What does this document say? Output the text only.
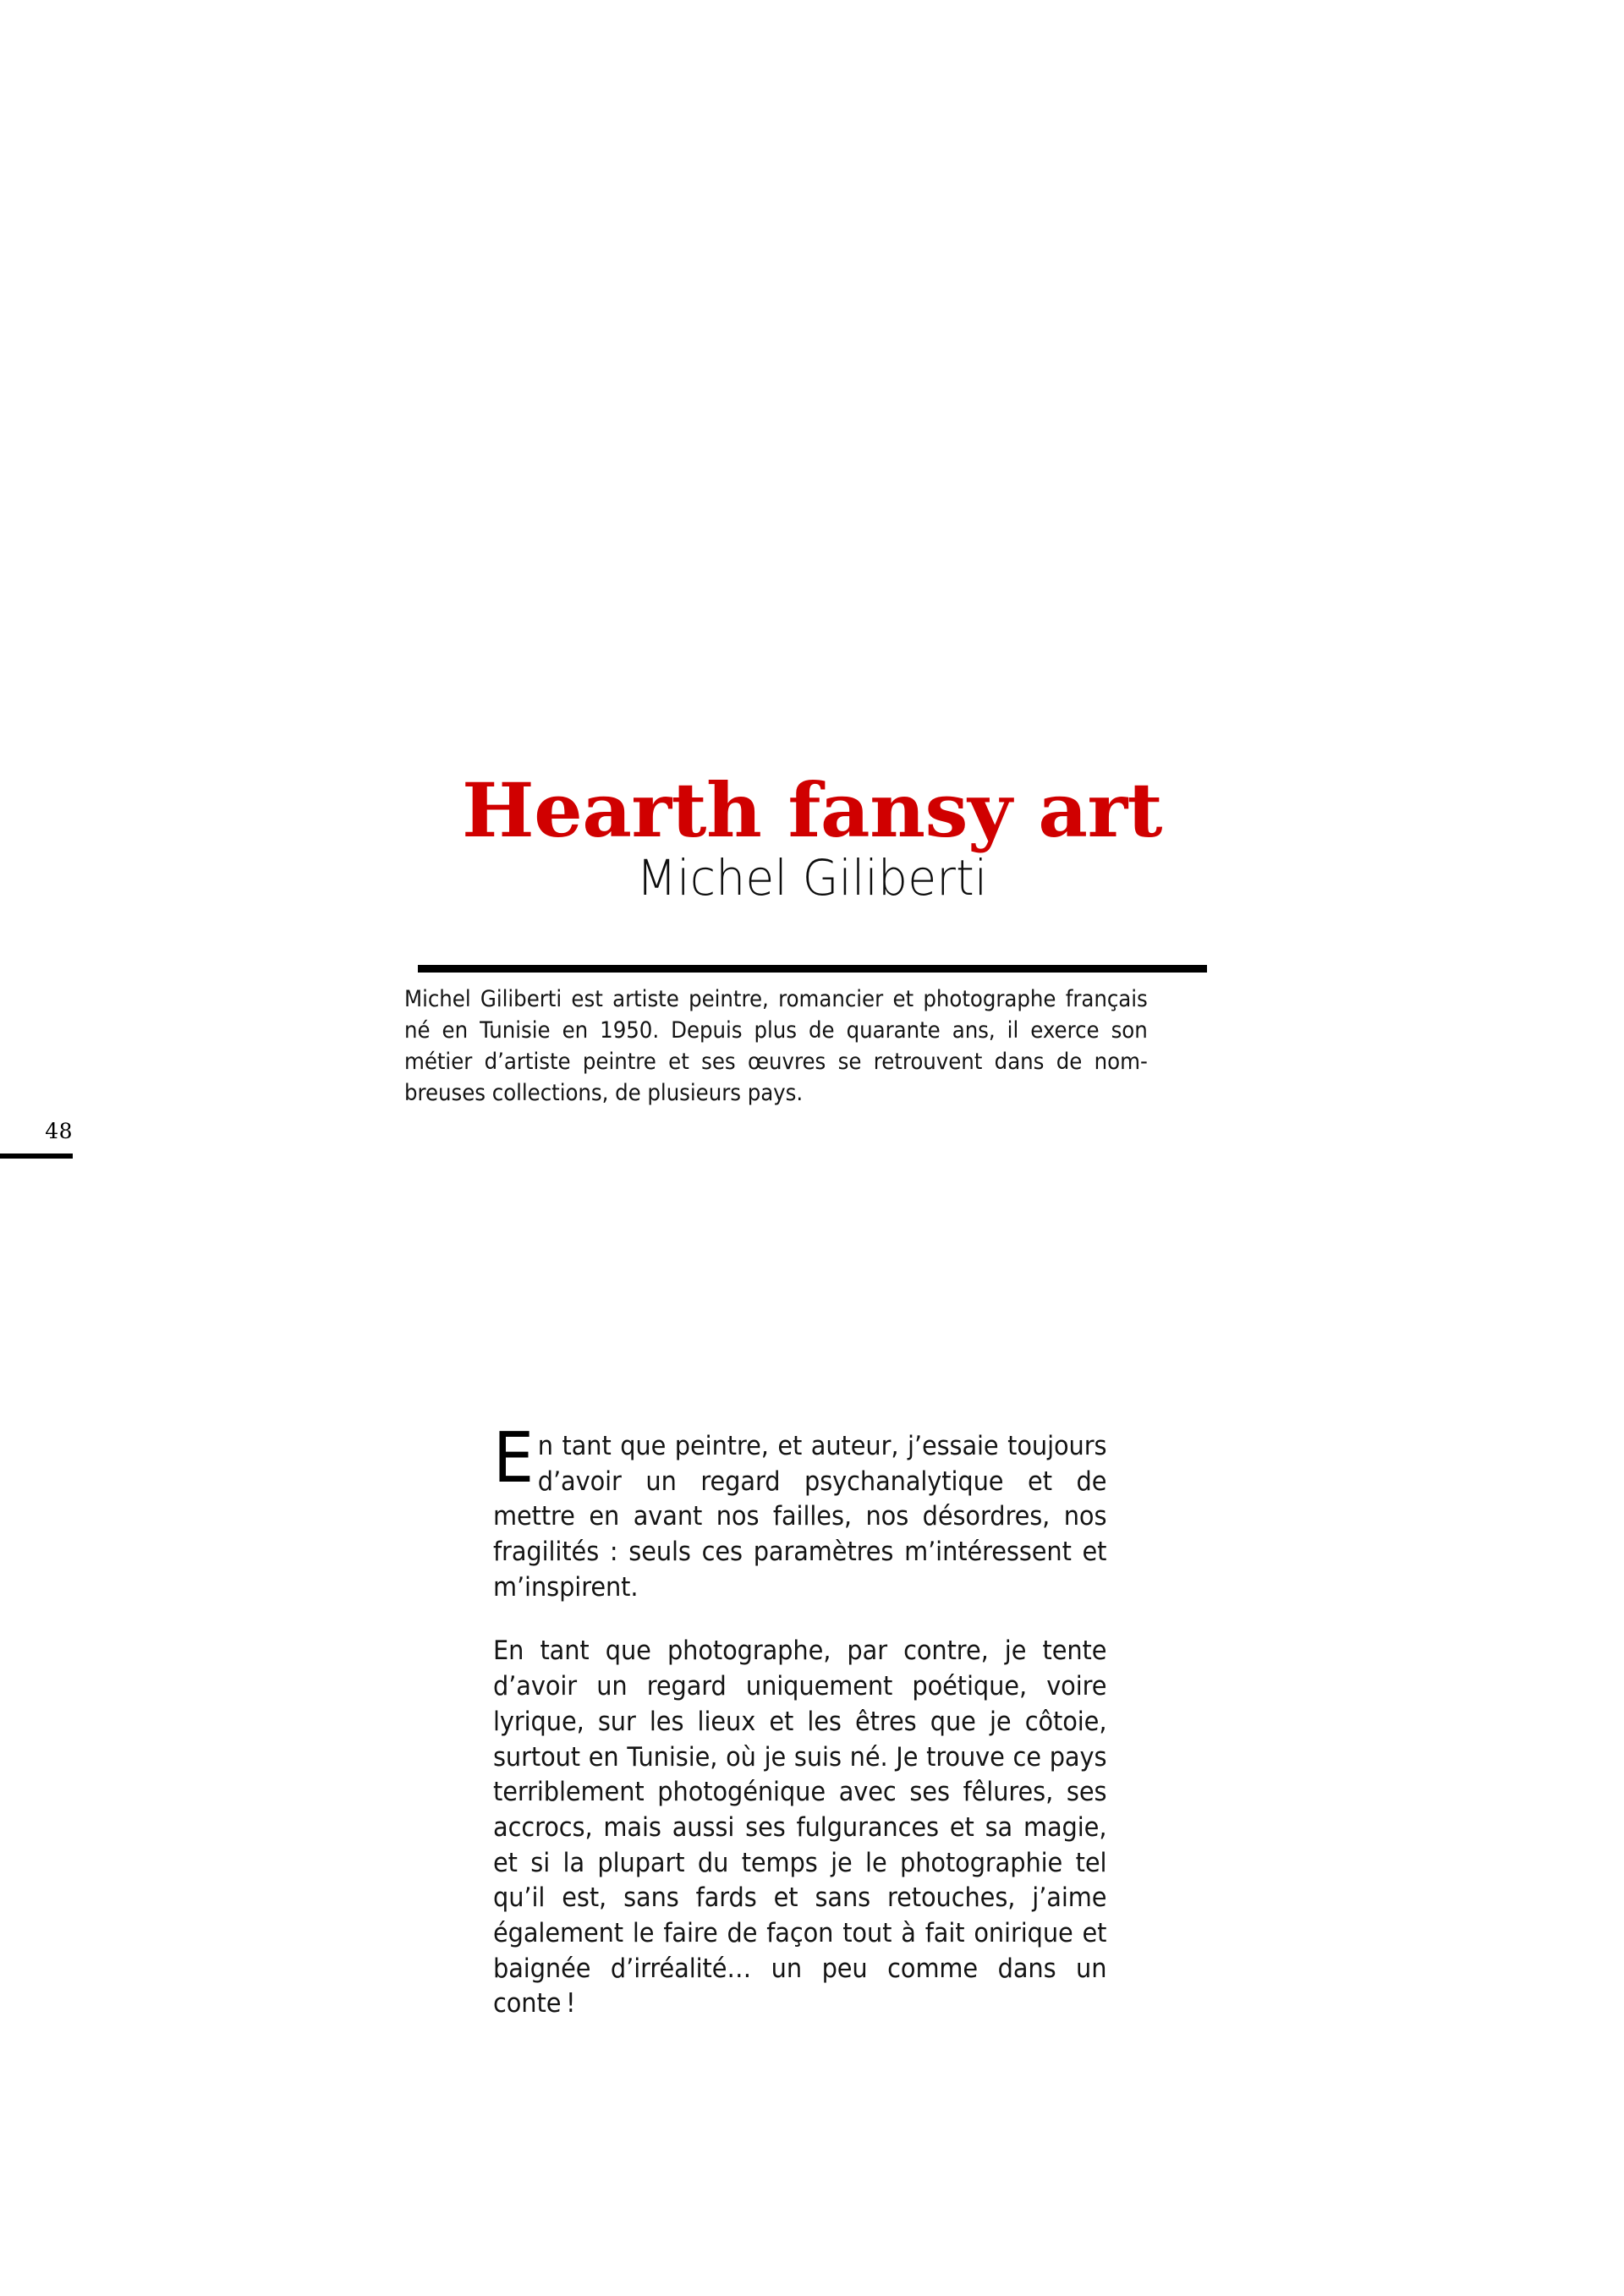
48
Hearth fansy art
Michel Giliberti

Michel Giliberti est artiste peintre, romancier et photographe français né en Tunisie en 1950. Depuis plus de quarante ans, il exerce son métier d’artiste peintre et ses œuvres se retrouvent dans de nom-breuses collections, de plusieurs pays.

En tant que peintre, et auteur, j’essaie toujours d’avoir un regard psychanalytique et de mettre en avant nos failles, nos désordres, nos fragilités : seuls ces paramètres m’intéressent et m’inspirent.

En tant que photographe, par contre, je tente d’avoir un regard uniquement poétique, voire lyrique, sur les lieux et les êtres que je côtoie, surtout en Tunisie, où je suis né. Je trouve ce pays terriblement photogénique avec ses fêlures, ses accrocs, mais aussi ses fulgurances et sa magie, et si la plupart du temps je le photographie tel qu’il est, sans fards et sans retouches, j’aime également le faire de façon tout à fait onirique et baignée d’irréalité… un peu comme dans un conte !
